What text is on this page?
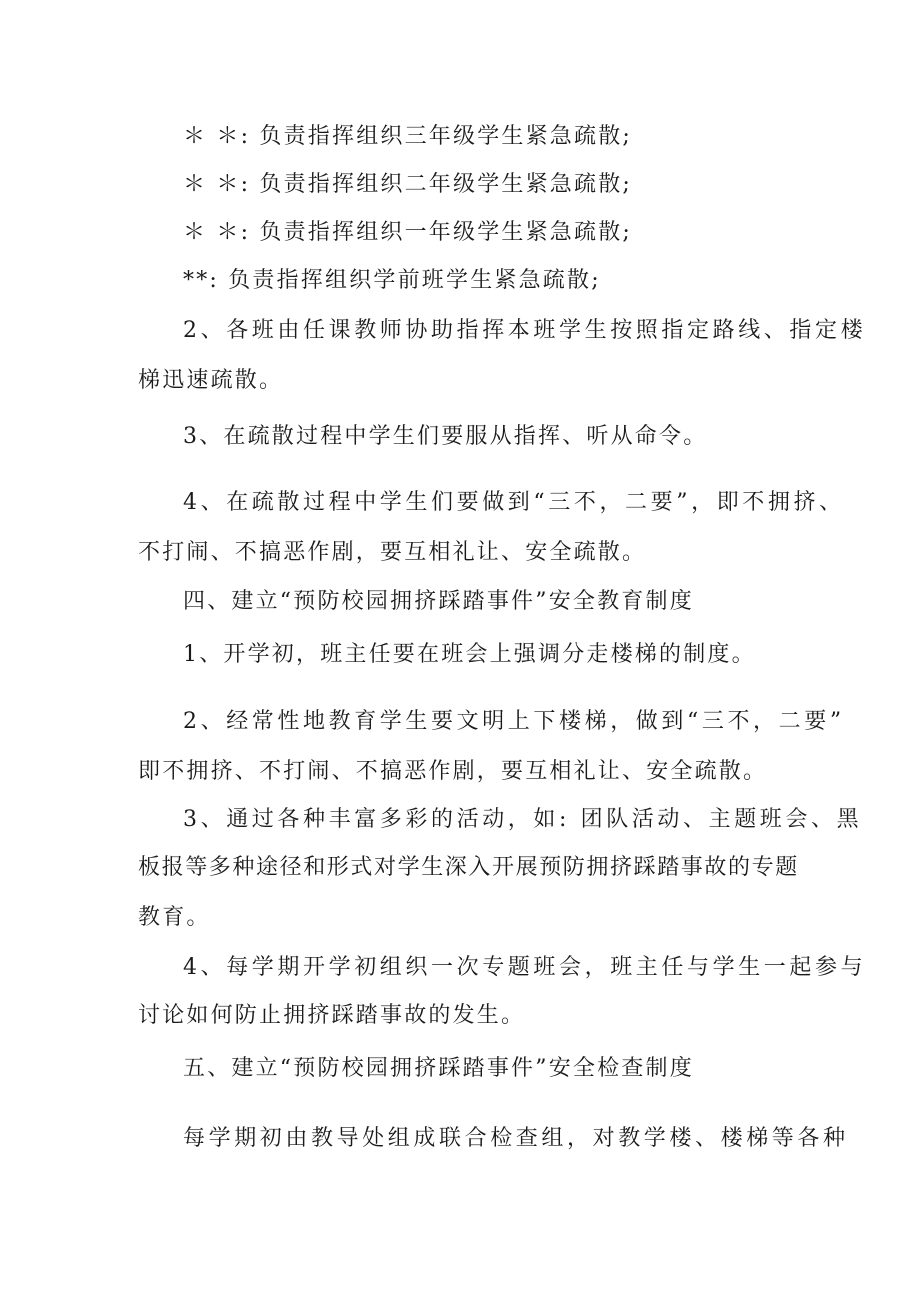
＊ ＊: 负责指挥组织三年级学生紧急疏散;
＊ ＊: 负责指挥组织二年级学生紧急疏散;
＊ ＊: 负责指挥组织一年级学生紧急疏散;
**: 负责指挥组织学前班学生紧急疏散;
2、各班由任课教师协助指挥本班学生按照指定路线、指定楼
梯迅速疏散。
3、在疏散过程中学生们要服从指挥、听从命令。
4、在疏散过程中学生们要做到“三不，二要”，即不拥挤、
不打闹、不搞恶作剧，要互相礼让、安全疏散。
四、建立“预防校园拥挤踩踏事件”安全教育制度
1、开学初，班主任要在班会上强调分走楼梯的制度。
2、经常性地教育学生要文明上下楼梯，做到“三不，二要”
即不拥挤、不打闹、不搞恶作剧，要互相礼让、安全疏散。
3、通过各种丰富多彩的活动，如: 团队活动、主题班会、黑
板报等多种途径和形式对学生深入开展预防拥挤踩踏事故的专题
教育。
4、每学期开学初组织一次专题班会，班主任与学生一起参与
讨论如何防止拥挤踩踏事故的发生。
五、建立“预防校园拥挤踩踏事件”安全检查制度
每学期初由教导处组成联合检查组，对教学楼、楼梯等各种
